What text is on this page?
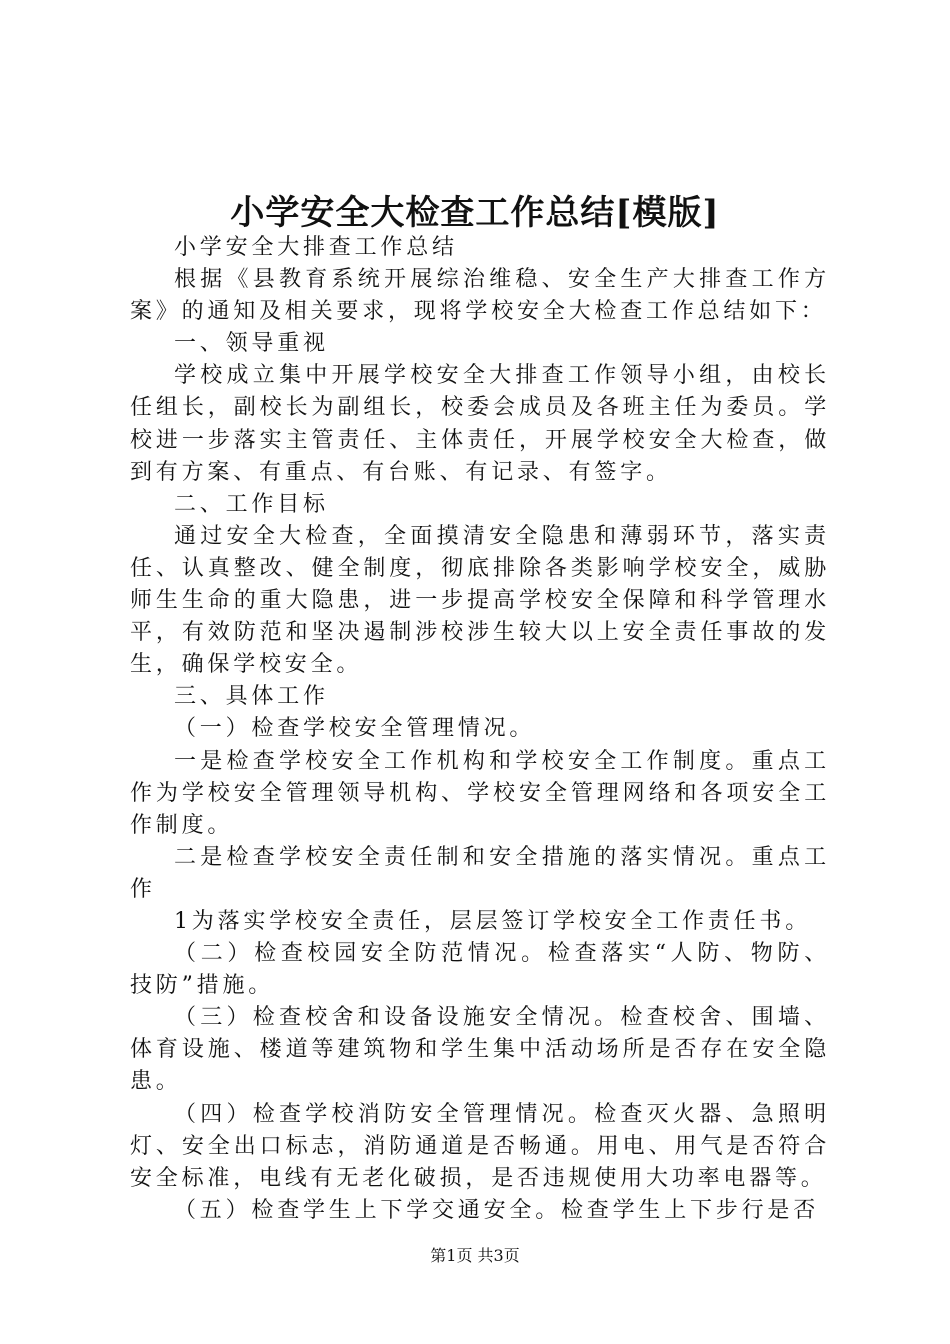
小学安全大检查工作总结[模版]

小学安全大排查工作总结

根据《县教育系统开展综治维稳、安全生产大排查工作方案》的通知及相关要求，现将学校安全大检查工作总结如下：

一、领导重视

学校成立集中开展学校安全大排查工作领导小组，由校长任组长，副校长为副组长，校委会成员及各班主任为委员。学校进一步落实主管责任、主体责任，开展学校安全大检查，做到有方案、有重点、有台账、有记录、有签字。

二、工作目标

通过安全大检查，全面摸清安全隐患和薄弱环节，落实责任、认真整改、健全制度，彻底排除各类影响学校安全，威胁师生生命的重大隐患，进一步提高学校安全保障和科学管理水平，有效防范和坚决遏制涉校涉生较大以上安全责任事故的发生，确保学校安全。

三、具体工作

（一）检查学校安全管理情况。

一是检查学校安全工作机构和学校安全工作制度。重点工作为学校安全管理领导机构、学校安全管理网络和各项安全工作制度。

二是检查学校安全责任制和安全措施的落实情况。重点工作

1为落实学校安全责任，层层签订学校安全工作责任书。

（二）检查校园安全防范情况。检查落实“人防、物防、技防”措施。

（三）检查校舍和设备设施安全情况。检查校舍、围墙、体育设施、楼道等建筑物和学生集中活动场所是否存在安全隐患。

（四）检查学校消防安全管理情况。检查灭火器、急照明灯、安全出口标志，消防通道是否畅通。用电、用气是否符合安全标准，电线有无老化破损，是否违规使用大功率电器等。

（五）检查学生上下学交通安全。检查学生上下步行是否

第1页 共3页
